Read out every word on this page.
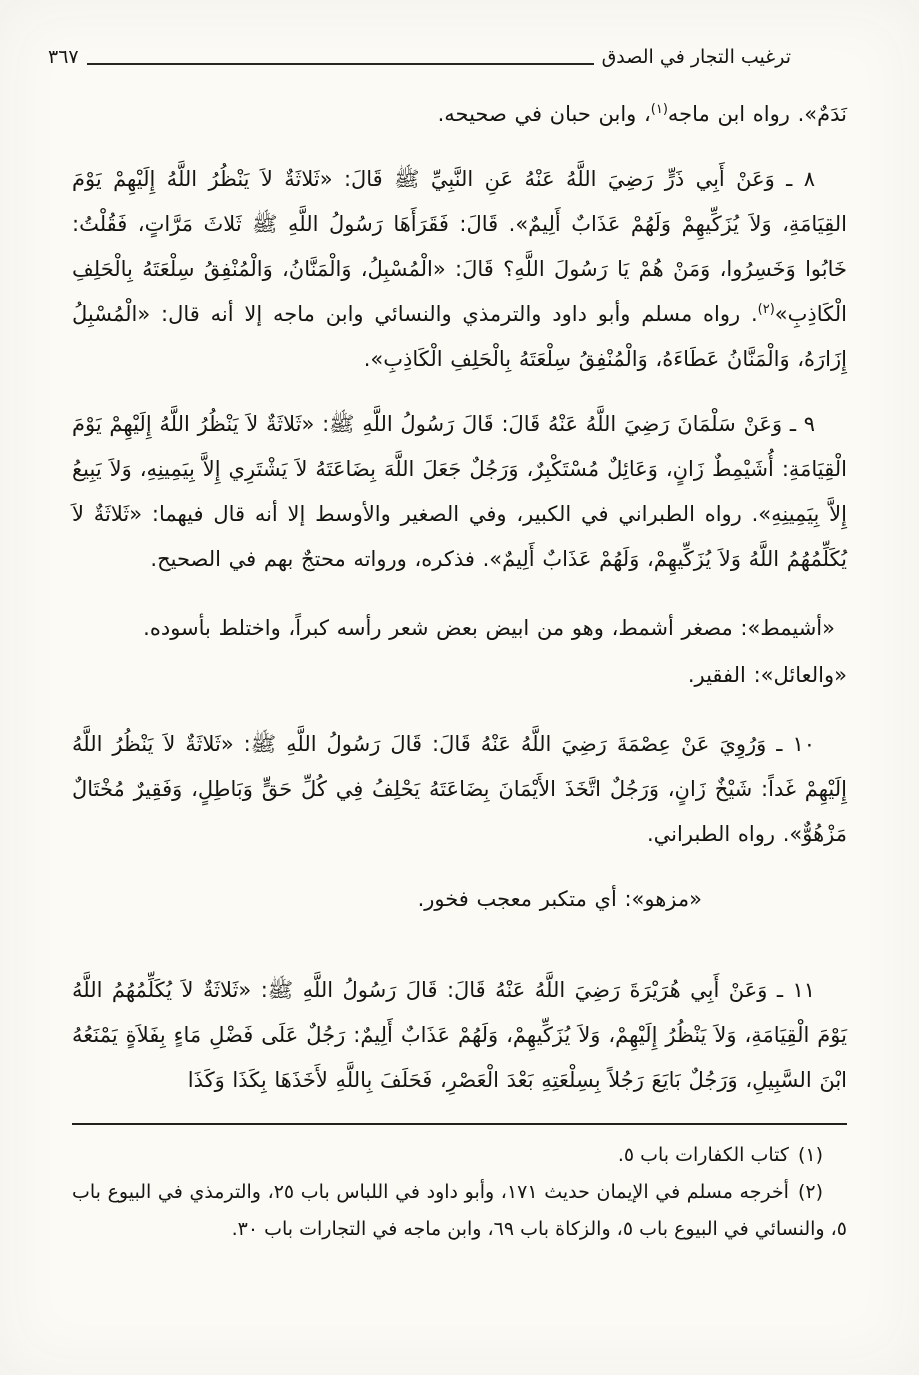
ترغيب التجار في الصدق
٣٦٧

نَدَمٌ». رواه ابن ماجه$^{(١)}$، وابن حبان في صحيحه.

٨ ـ وَعَنْ أَبِي ذَرٍّ رَضِيَ اللَّهُ عَنْهُ عَنِ النَّبِيِّ ﷺ قَالَ: «ثَلاثَةٌ لاَ يَنْظُرُ اللَّهُ إِلَيْهِمْ يَوْمَ القِيَامَةِ، وَلاَ يُزَكِّيهِمْ وَلَهُمْ عَذَابٌ أَلِيمٌ». قَالَ: فَقَرَأَهَا رَسُولُ اللَّهِ ﷺ ثَلاثَ مَرَّاتٍ، فَقُلْتُ: خَابُوا وَخَسِرُوا، وَمَنْ هُمْ يَا رَسُولَ اللَّهِ؟ قَالَ: «الْمُسْبِلُ، وَالْمَنَّانُ، وَالْمُنْفِقُ سِلْعَتَهُ بِالْحَلِفِ الْكَاذِبِ»$^{(٢)}$. رواه مسلم وأبو داود والترمذي والنسائي وابن ماجه إلا أنه قال: «الْمُسْبِلُ إِزَارَهُ، وَالْمَنَّانُ عَطَاءَهُ، وَالْمُنْفِقُ سِلْعَتَهُ بِالْحَلِفِ الْكَاذِبِ».

٩ ـ وَعَنْ سَلْمَانَ رَضِيَ اللَّهُ عَنْهُ قَالَ: قَالَ رَسُولُ اللَّهِ ﷺ: «ثَلاثَةٌ لاَ يَنْظُرُ اللَّهُ إِلَيْهِمْ يَوْمَ الْقِيَامَةِ: أُشَيْمِطٌ زَانٍ، وَعَائِلٌ مُسْتَكْبِرٌ، وَرَجُلٌ جَعَلَ اللَّهَ بِضَاعَتَهُ لاَ يَشْتَرِي إِلاَّ بِيَمِينِهِ، وَلاَ يَبِيعُ إِلاَّ بِيَمِينِهِ». رواه الطبراني في الكبير، وفي الصغير والأوسط إلا أنه قال فيهما: «ثَلاثَةٌ لاَ يُكَلِّمُهُمُ اللَّهُ وَلاَ يُزَكِّيهِمْ، وَلَهُمْ عَذَابٌ أَلِيمٌ». فذكره، ورواته محتجٌ بهم في الصحيح.

«أشيمط»: مصغر أشمط، وهو من ابيض بعض شعر رأسه كبراً، واختلط بأسوده.

«والعائل»: الفقير.

١٠ ـ وَرُوِيَ عَنْ عِصْمَةَ رَضِيَ اللَّهُ عَنْهُ قَالَ: قَالَ رَسُولُ اللَّهِ ﷺ: «ثَلاثَةٌ لاَ يَنْظُرُ اللَّهُ إِلَيْهِمْ غَداً: شَيْخٌ زَانٍ، وَرَجُلٌ اتَّخَذَ الأَيْمَانَ بِضَاعَتَهُ يَحْلِفُ فِي كُلِّ حَقٍّ وَبَاطِلٍ، وَفَقِيرٌ مُخْتَالٌ مَزْهُوٌّ». رواه الطبراني.

«مزهو»: أي متكبر معجب فخور.

١١ ـ وَعَنْ أَبِي هُرَيْرَةَ رَضِيَ اللَّهُ عَنْهُ قَالَ: قَالَ رَسُولُ اللَّهِ ﷺ: «ثَلاثَةٌ لاَ يُكَلِّمُهُمُ اللَّهُ يَوْمَ الْقِيَامَةِ، وَلاَ يَنْظُرُ إِلَيْهِمْ، وَلاَ يُزَكِّيهِمْ، وَلَهُمْ عَذَابٌ أَلِيمٌ: رَجُلٌ عَلَى فَضْلِ مَاءٍ بِفَلاَةٍ يَمْنَعُهُ ابْنَ السَّبِيلِ، وَرَجُلٌ بَايَعَ رَجُلاً بِسِلْعَتِهِ بَعْدَ الْعَصْرِ، فَحَلَفَ بِاللَّهِ لأَخَذَهَا بِكَذَا وَكَذَا

(١)كتاب الكفارات باب ٥.

(٢)أخرجه مسلم في الإيمان حديث ١٧١، وأبو داود في اللباس باب ٢٥، والترمذي في البيوع باب ٥، والنسائي في البيوع باب ٥، والزكاة باب ٦٩، وابن ماجه في التجارات باب ٣٠.
